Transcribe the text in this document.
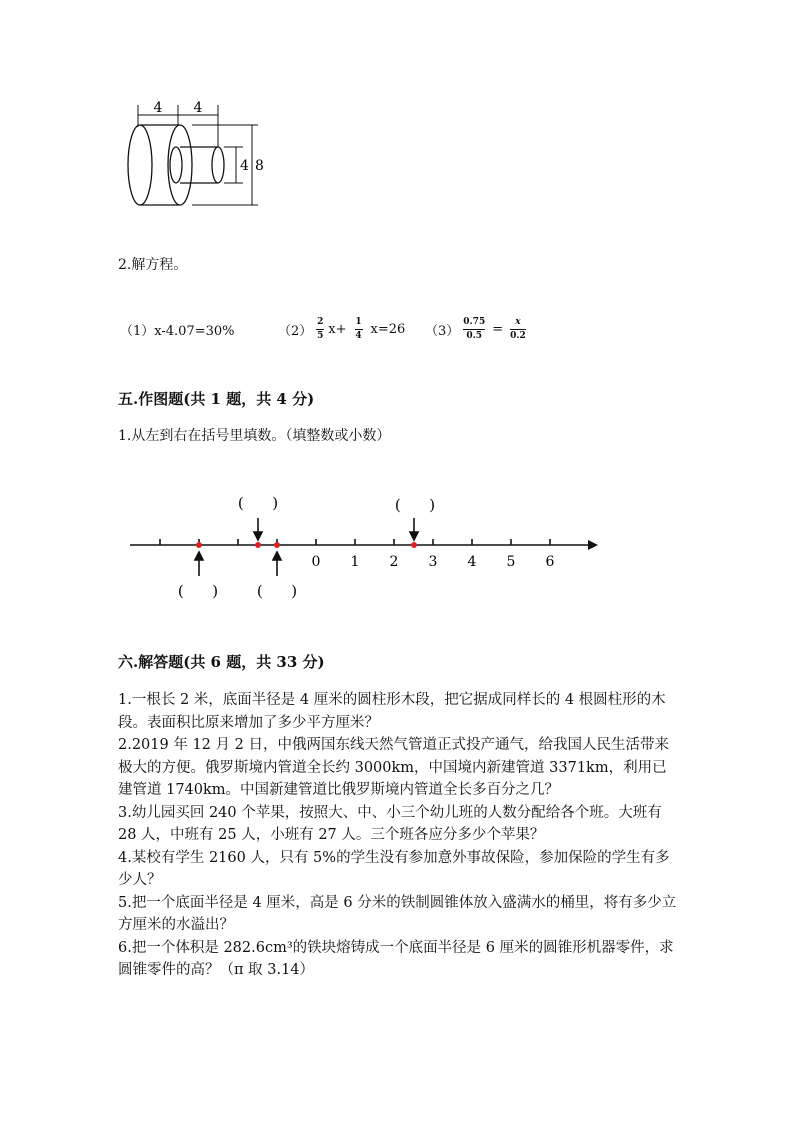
4 4
4 8
2.解方程。
（1）x-4.07=30%	$(2) \frac{2}{5} x+ \frac{1}{4} x=26$ $(3) \frac{0.75}{0.5} = \frac{x}{0.2}$
五.作图题(共 1 题，共 4 分)
1.从左到右在括号里填数。（填整数或小数）
0 1 2 3 4 5 6
(      )	(      )
(      )	(      )
六.解答题(共 6 题，共 33 分)
1.一根长 2 米，底面半径是 4 厘米的圆柱形木段，把它据成同样长的 4 根圆柱形的木段。表面积比原来增加了多少平方厘米？
2.2019 年 12 月 2 日，中俄两国东线天然气管道正式投产通气，给我国人民生活带来极大的方便。俄罗斯境内管道全长约 3000km，中国境内新建管道 3371km，利用已建管道 1740km。中国新建管道比俄罗斯境内管道全长多百分之几？
3.幼儿园买回 240 个苹果，按照大、中、小三个幼儿班的人数分配给各个班。大班有 28 人，中班有 25 人，小班有 27 人。三个班各应分多少个苹果？
4.某校有学生 2160 人，只有 5%的学生没有参加意外事故保险，参加保险的学生有多少人？
5.把一个底面半径是 4 厘米，高是 6 分米的铁制圆锥体放入盛满水的桶里，将有多少立方厘米的水溢出？
6.把一个体积是 282.6cm³的铁块熔铸成一个底面半径是 6 厘米的圆锥形机器零件，求圆锥零件的高？（π 取 3.14）
